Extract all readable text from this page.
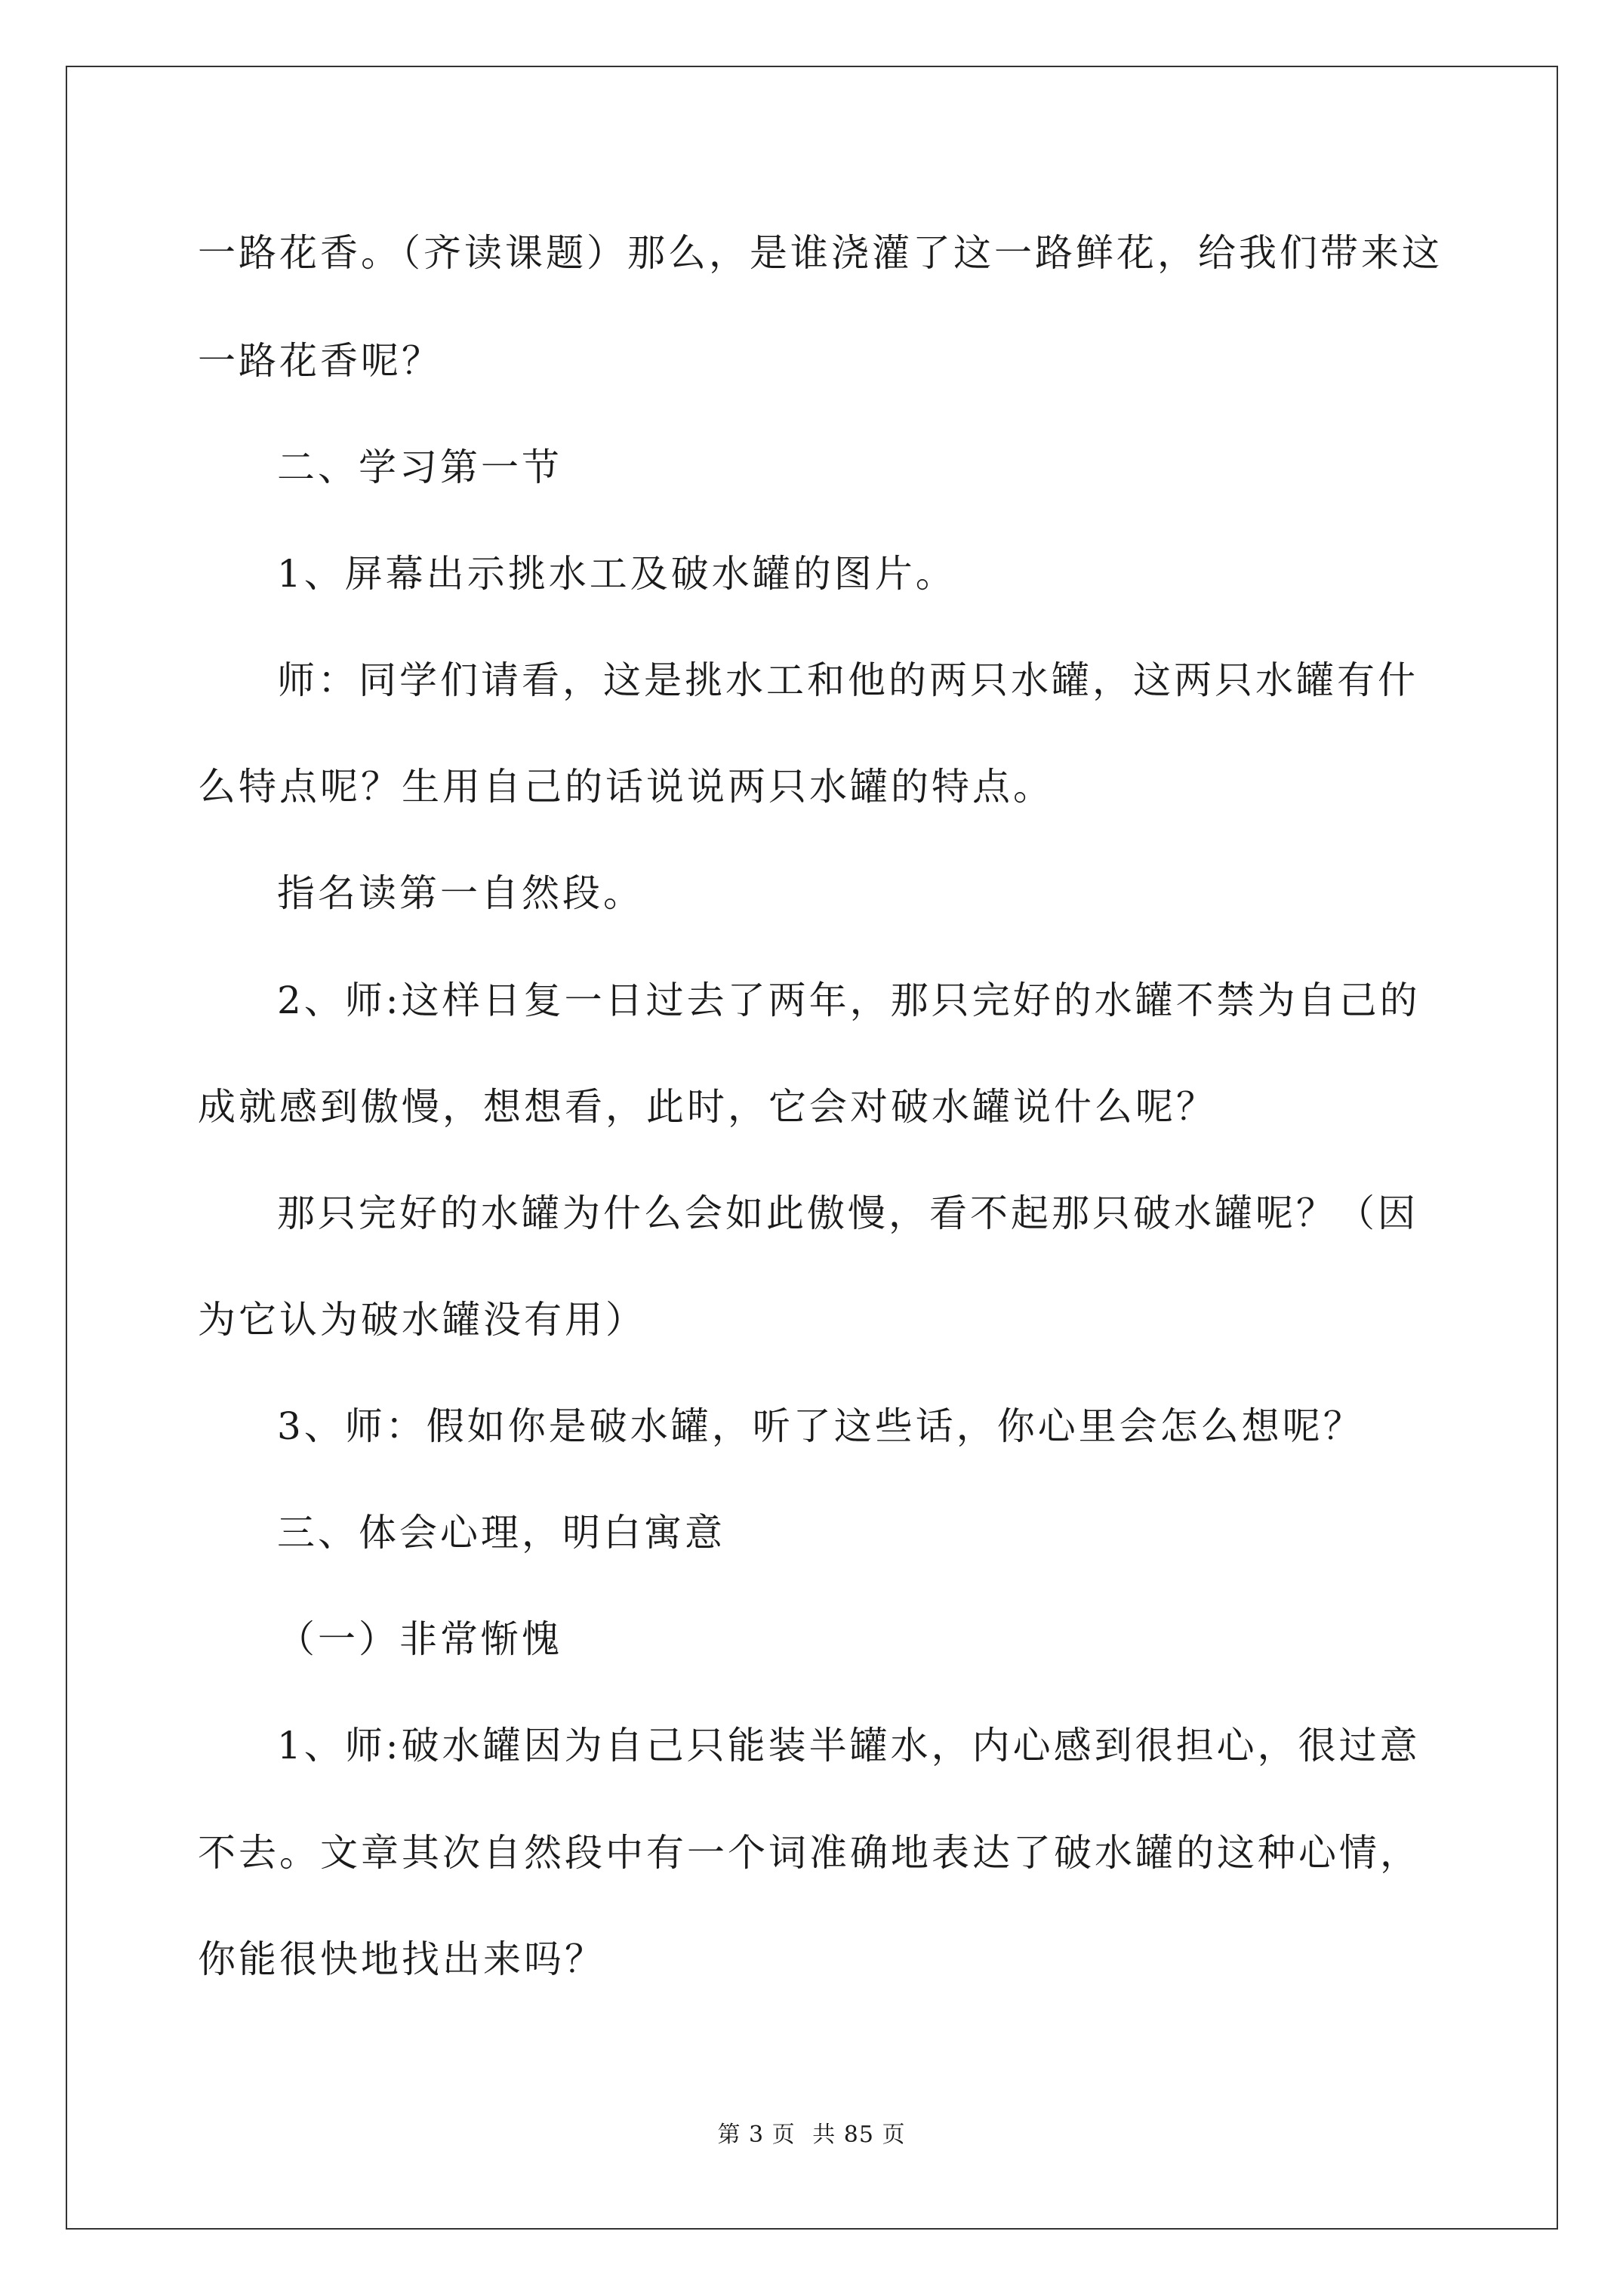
一路花香。（齐读课题）那么，是谁浇灌了这一路鲜花，给我们带来这
一路花香呢？
二、学习第一节
1、屏幕出示挑水工及破水罐的图片。
师：同学们请看，这是挑水工和他的两只水罐，这两只水罐有什
么特点呢？生用自己的话说说两只水罐的特点。
指名读第一自然段。
2、师:这样日复一日过去了两年，那只完好的水罐不禁为自己的
成就感到傲慢，想想看，此时，它会对破水罐说什么呢？
那只完好的水罐为什么会如此傲慢，看不起那只破水罐呢？（因
为它认为破水罐没有用）
3、师：假如你是破水罐，听了这些话，你心里会怎么想呢？
三、体会心理，明白寓意
（一）非常惭愧
1、师:破水罐因为自己只能装半罐水，内心感到很担心，很过意
不去。文章其次自然段中有一个词准确地表达了破水罐的这种心情，
你能很快地找出来吗？
第 3 页 共 85 页
